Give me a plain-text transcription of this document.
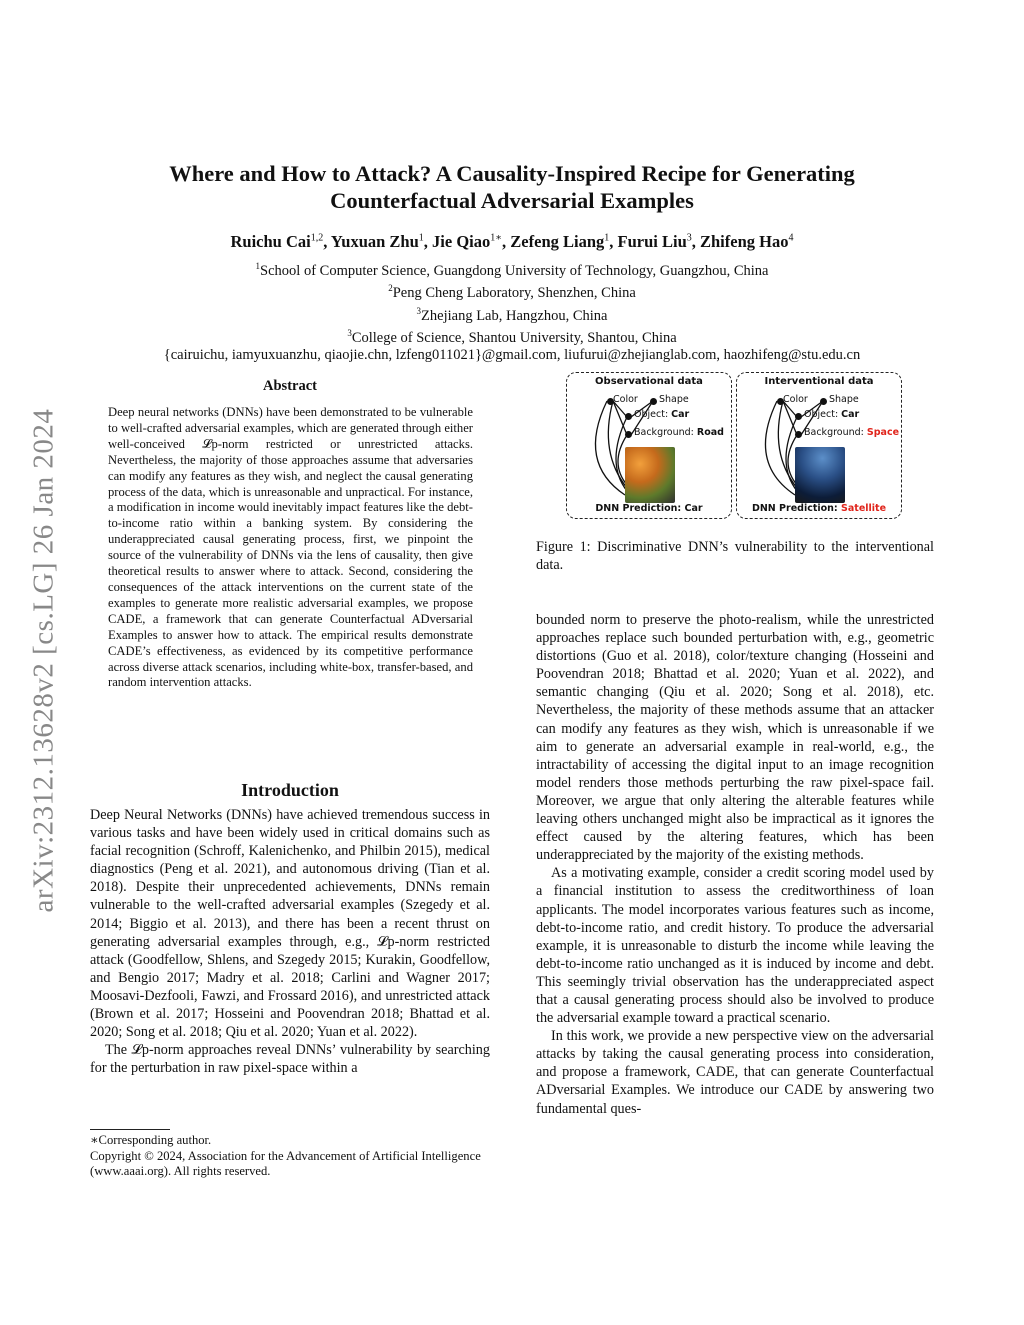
arXiv:2312.13628v2 [cs.LG] 26 Jan 2024
Where and How to Attack? A Causality-Inspired Recipe for Generating Counterfactual Adversarial Examples
Ruichu Cai$^{1,2}$, Yuxuan Zhu$^1$, Jie Qiao$^{1∗}$, Zefeng Liang$^1$, Furui Liu$^3$, Zhifeng Hao$^4$
$^1$School of Computer Science, Guangdong University of Technology, Guangzhou, China
$^2$Peng Cheng Laboratory, Shenzhen, China
$^3$Zhejiang Lab, Hangzhou, China
$^3$College of Science, Shantou University, Shantou, China
{cairuichu, iamyuxuanzhu, qiaojie.chn, lzfeng011021}@gmail.com, liufurui@zhejianglab.com, haozhifeng@stu.edu.cn
Abstract
Deep neural networks (DNNs) have been demonstrated to be vulnerable to well-crafted adversarial examples, which are generated through either well-conceived 𝓛p-norm restricted or unrestricted attacks. Nevertheless, the majority of those approaches assume that adversaries can modify any features as they wish, and neglect the causal generating process of the data, which is unreasonable and unpractical. For instance, a modification in income would inevitably impact features like the debt-to-income ratio within a banking system. By considering the underappreciated causal generating process, first, we pinpoint the source of the vulnerability of DNNs via the lens of causality, then give theoretical results to answer where to attack. Second, considering the consequences of the attack interventions on the current state of the examples to generate more realistic adversarial examples, we propose CADE, a framework that can generate Counterfactual ADversarial Examples to answer how to attack. The empirical results demonstrate CADE’s effectiveness, as evidenced by its competitive performance across diverse attack scenarios, including white-box, transfer-based, and random intervention attacks.
Introduction

Deep Neural Networks (DNNs) have achieved tremendous success in various tasks and have been widely used in critical domains such as facial recognition (Schroff, Kalenichenko, and Philbin 2015), medical diagnostics (Peng et al. 2021), and autonomous driving (Tian et al. 2018). Despite their unprecedented achievements, DNNs remain vulnerable to the well-crafted adversarial examples (Szegedy et al. 2014; Biggio et al. 2013), and there has been a recent thrust on generating adversarial examples through, e.g., 𝓛p-norm restricted attack (Goodfellow, Shlens, and Szegedy 2015; Kurakin, Goodfellow, and Bengio 2017; Madry et al. 2018; Carlini and Wagner 2017; Moosavi-Dezfooli, Fawzi, and Frossard 2016), and unrestricted attack (Brown et al. 2017; Hosseini and Poovendran 2018; Bhattad et al. 2020; Song et al. 2018; Qiu et al. 2020; Yuan et al. 2022).

The 𝓛p-norm approaches reveal DNNs’ vulnerability by searching for the perturbation in raw pixel-space within a

∗Corresponding author.
Copyright © 2024, Association for the Advancement of Artificial Intelligence (www.aaai.org). All rights reserved.
Observational data
Color Shape
Object: Car
Background: Road
DNN Prediction: Car
Interventional data
Color Shape
Object: Car
Background: Space
DNN Prediction: Satellite
Figure 1: Discriminative DNN’s vulnerability to the interventional data.

bounded norm to preserve the photo-realism, while the unrestricted approaches replace such bounded perturbation with, e.g., geometric distortions (Guo et al. 2018), color/texture changing (Hosseini and Poovendran 2018; Bhattad et al. 2020; Yuan et al. 2022), and semantic changing (Qiu et al. 2020; Song et al. 2018), etc. Nevertheless, the majority of these methods assume that an attacker can modify any features as they wish, which is unreasonable if we aim to generate an adversarial example in real-world, e.g., the intractability of accessing the digital input to an image recognition model renders those methods perturbing the raw pixel-space fail. Moreover, we argue that only altering the alterable features while leaving others unchanged might also be impractical as it ignores the effect caused by the altering features, which has been underappreciated by the majority of the existing methods.

As a motivating example, consider a credit scoring model used by a financial institution to assess the creditworthiness of loan applicants. The model incorporates various features such as income, debt-to-income ratio, and credit history. To produce the adversarial example, it is unreasonable to disturb the income while leaving the debt-to-income ratio unchanged as it is induced by income and debt. This seemingly trivial observation has the underappreciated aspect that a causal generating process should also be involved to produce the adversarial example toward a practical scenario.

In this work, we provide a new perspective view on the adversarial attacks by taking the causal generating process into consideration, and propose a framework, CADE, that can generate Counterfactual ADversarial Examples. We introduce our CADE by answering two fundamental ques-
